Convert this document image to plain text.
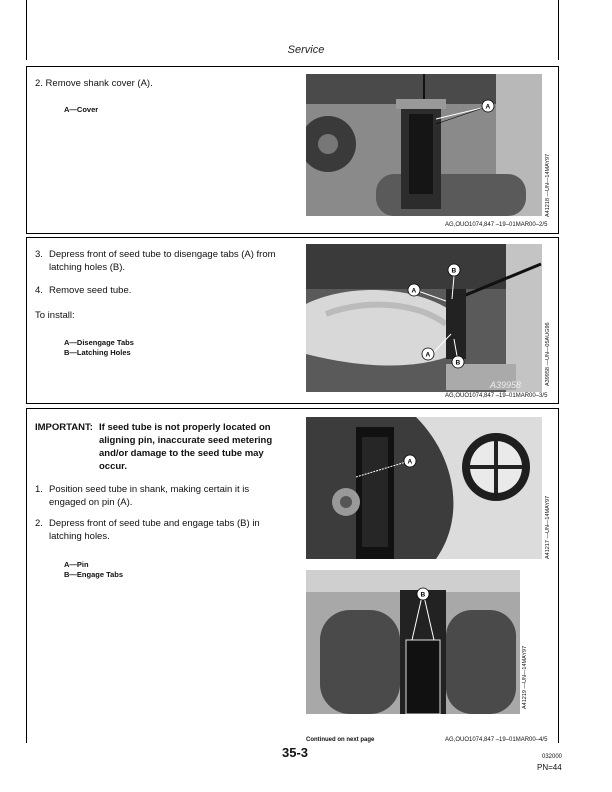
Service
2. Remove shank cover (A).
A—Cover	A
A41218 —UN—14MAY97
AG,OUO1074,847 –19–01MAR00–2/5
3. Depress front of seed tube to disengage tabs (A) from
latching holes (B).
4. Remove seed tube.
To install:
A—Disengage Tabs
B—Latching Holes
A
B
A
B
A39958	A39958 —UN—05AUG96
AG,OUO1074,847 –19–01MAR00–3/5
IMPORTANT: If seed tube is not properly located on
aligning pin, inaccurate seed metering
and/or damage to the seed tube may
occur.
1. Position seed tube in shank, making certain it is
engaged on pin (A).
2. Depress front of seed tube and engage tabs (B) in
latching holes.
A—Pin
B—Engage Tabs
A
A41217 —UN—14MAY97
B
A41219 —UN—14MAY97
Continued on next page	AG,OUO1074,847 –19–01MAR00–4/5
35-3	032000
PN=44
